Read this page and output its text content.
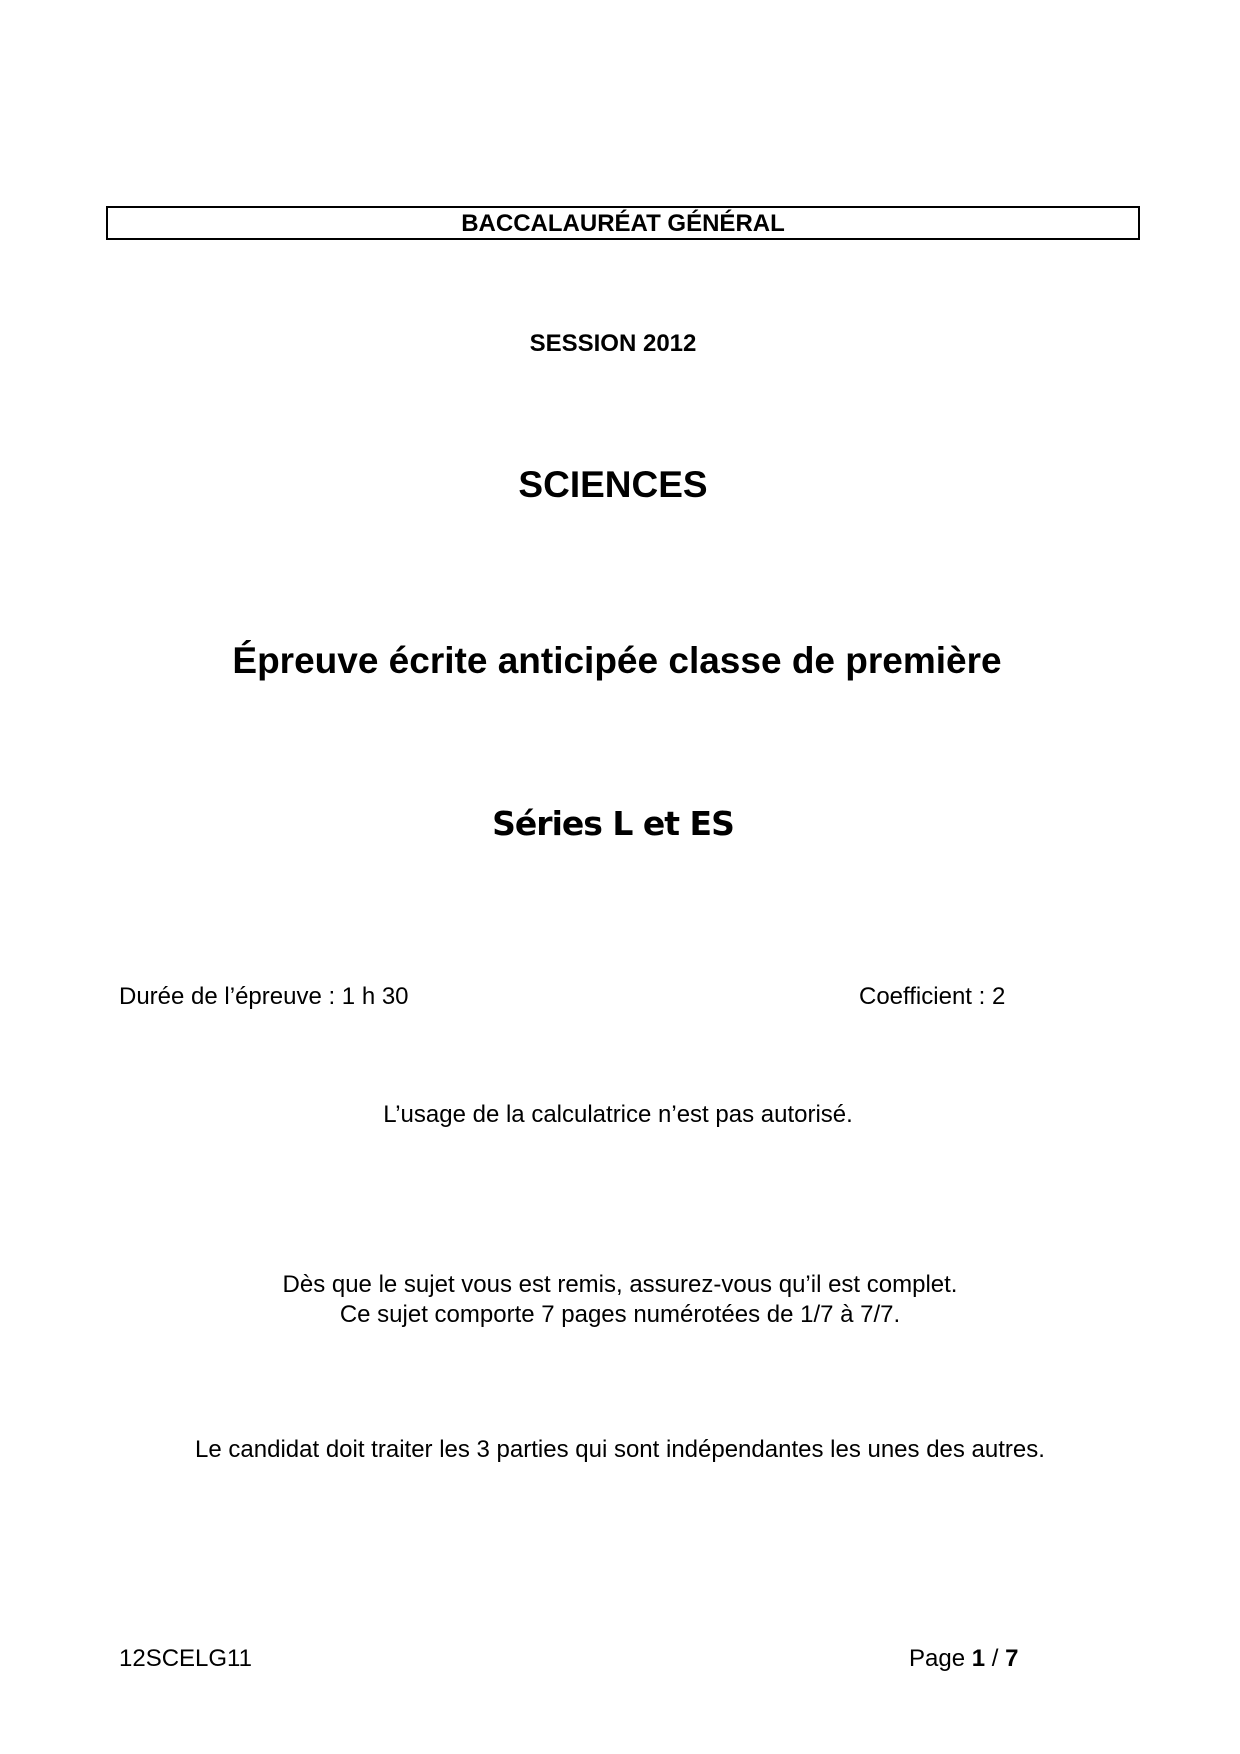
BACCALAURÉAT GÉNÉRAL
SESSION 2012
SCIENCES
Épreuve écrite anticipée classe de première
Séries L et ES
Durée de l’épreuve : 1 h 30	Coefficient : 2
L’usage de la calculatrice n’est pas autorisé.
Dès que le sujet vous est remis, assurez-vous qu’il est complet.
Ce sujet comporte 7 pages numérotées de 1/7 à 7/7.
Le candidat doit traiter les 3 parties qui sont indépendantes les unes des autres.
12SCELG11	Page 1 / 7
